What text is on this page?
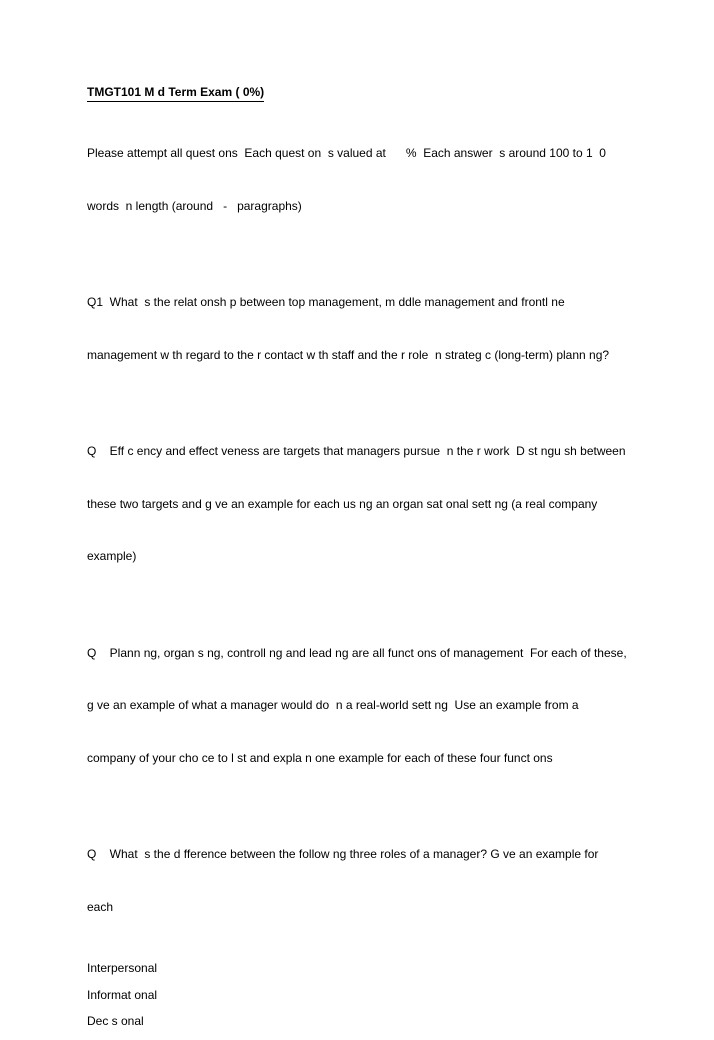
TMGT101 M d Term Exam ( 0%)

Please attempt all quest ons  Each quest on  s valued at      %  Each answer  s around 100 to 1  0

words  n length (around   -   paragraphs)

Q1  What  s the relat onsh p between top management, m ddle management and frontl ne

management w th regard to the r contact w th staff and the r role  n strateg c (long-term) plann ng?

Q    Eff c ency and effect veness are targets that managers pursue  n the r work  D st ngu sh between

these two targets and g ve an example for each us ng an organ sat onal sett ng (a real company

example)

Q    Plann ng, organ s ng, controll ng and lead ng are all funct ons of management  For each of these,

g ve an example of what a manager would do  n a real-world sett ng  Use an example from a

company of your cho ce to l st and expla n one example for each of these four funct ons

Q    What  s the d fference between the follow ng three roles of a manager? G ve an example for

each

Interpersonal
Informat onal
Dec s onal
